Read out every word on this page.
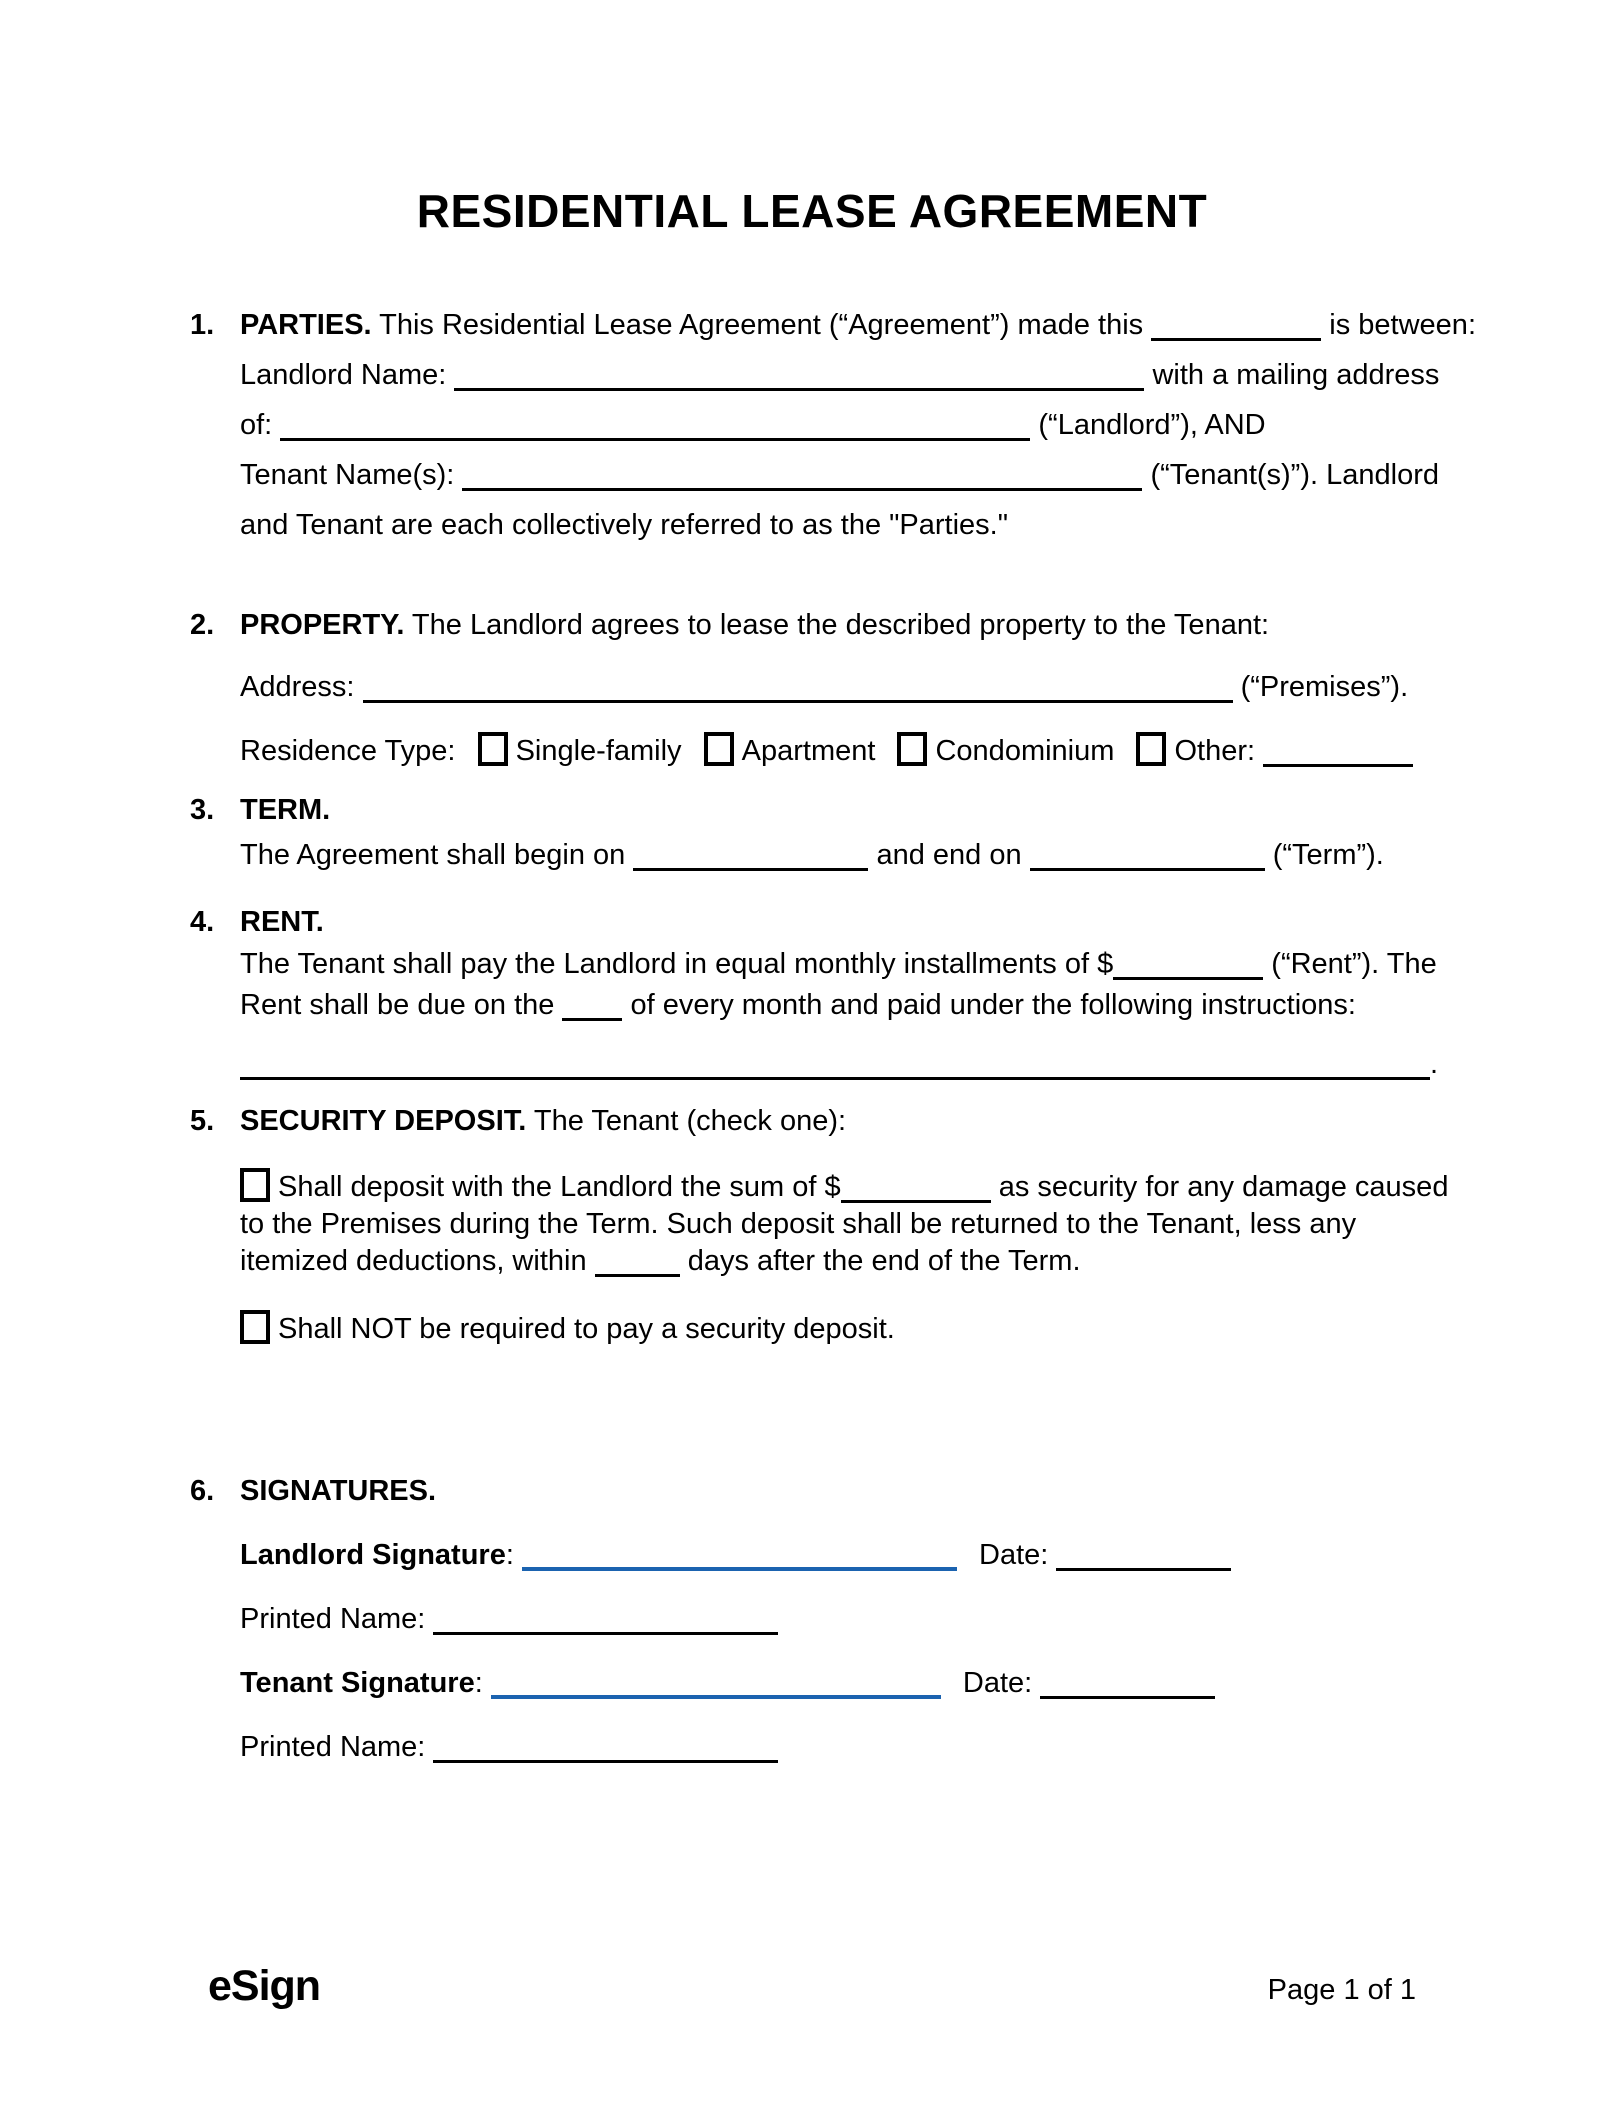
RESIDENTIAL LEASE AGREEMENT
1. PARTIES. This Residential Lease Agreement (“Agreement”) made this	is between:
Landlord Name:	with a mailing address
of:	(“Landlord”), AND
Tenant Name(s):	(“Tenant(s)”). Landlord
and Tenant are each collectively referred to as the "Parties."
2. PROPERTY. The Landlord agrees to lease the described property to the Tenant:
Address:	(“Premises”).
Residence Type: Single-family Apartment Condominium Other:
3. TERM.
The Agreement shall begin on	and end on	(“Term”).
4. RENT.
The Tenant shall pay the Landlord in equal monthly installments of $	(“Rent”). The
Rent shall be due on the	of every month and paid under the following instructions:
.
5. SECURITY DEPOSIT. The Tenant (check one):
Shall deposit with the Landlord the sum of $	as security for any damage caused to the Premises during the Term. Such deposit shall be returned to the Tenant, less any itemized deductions, within	days after the end of the Term.
Shall NOT be required to pay a security deposit.
6. SIGNATURES.
Landlord Signature:	Date:
Printed Name:
Tenant Signature:	Date:
Printed Name:
eSign	Page 1 of 1
